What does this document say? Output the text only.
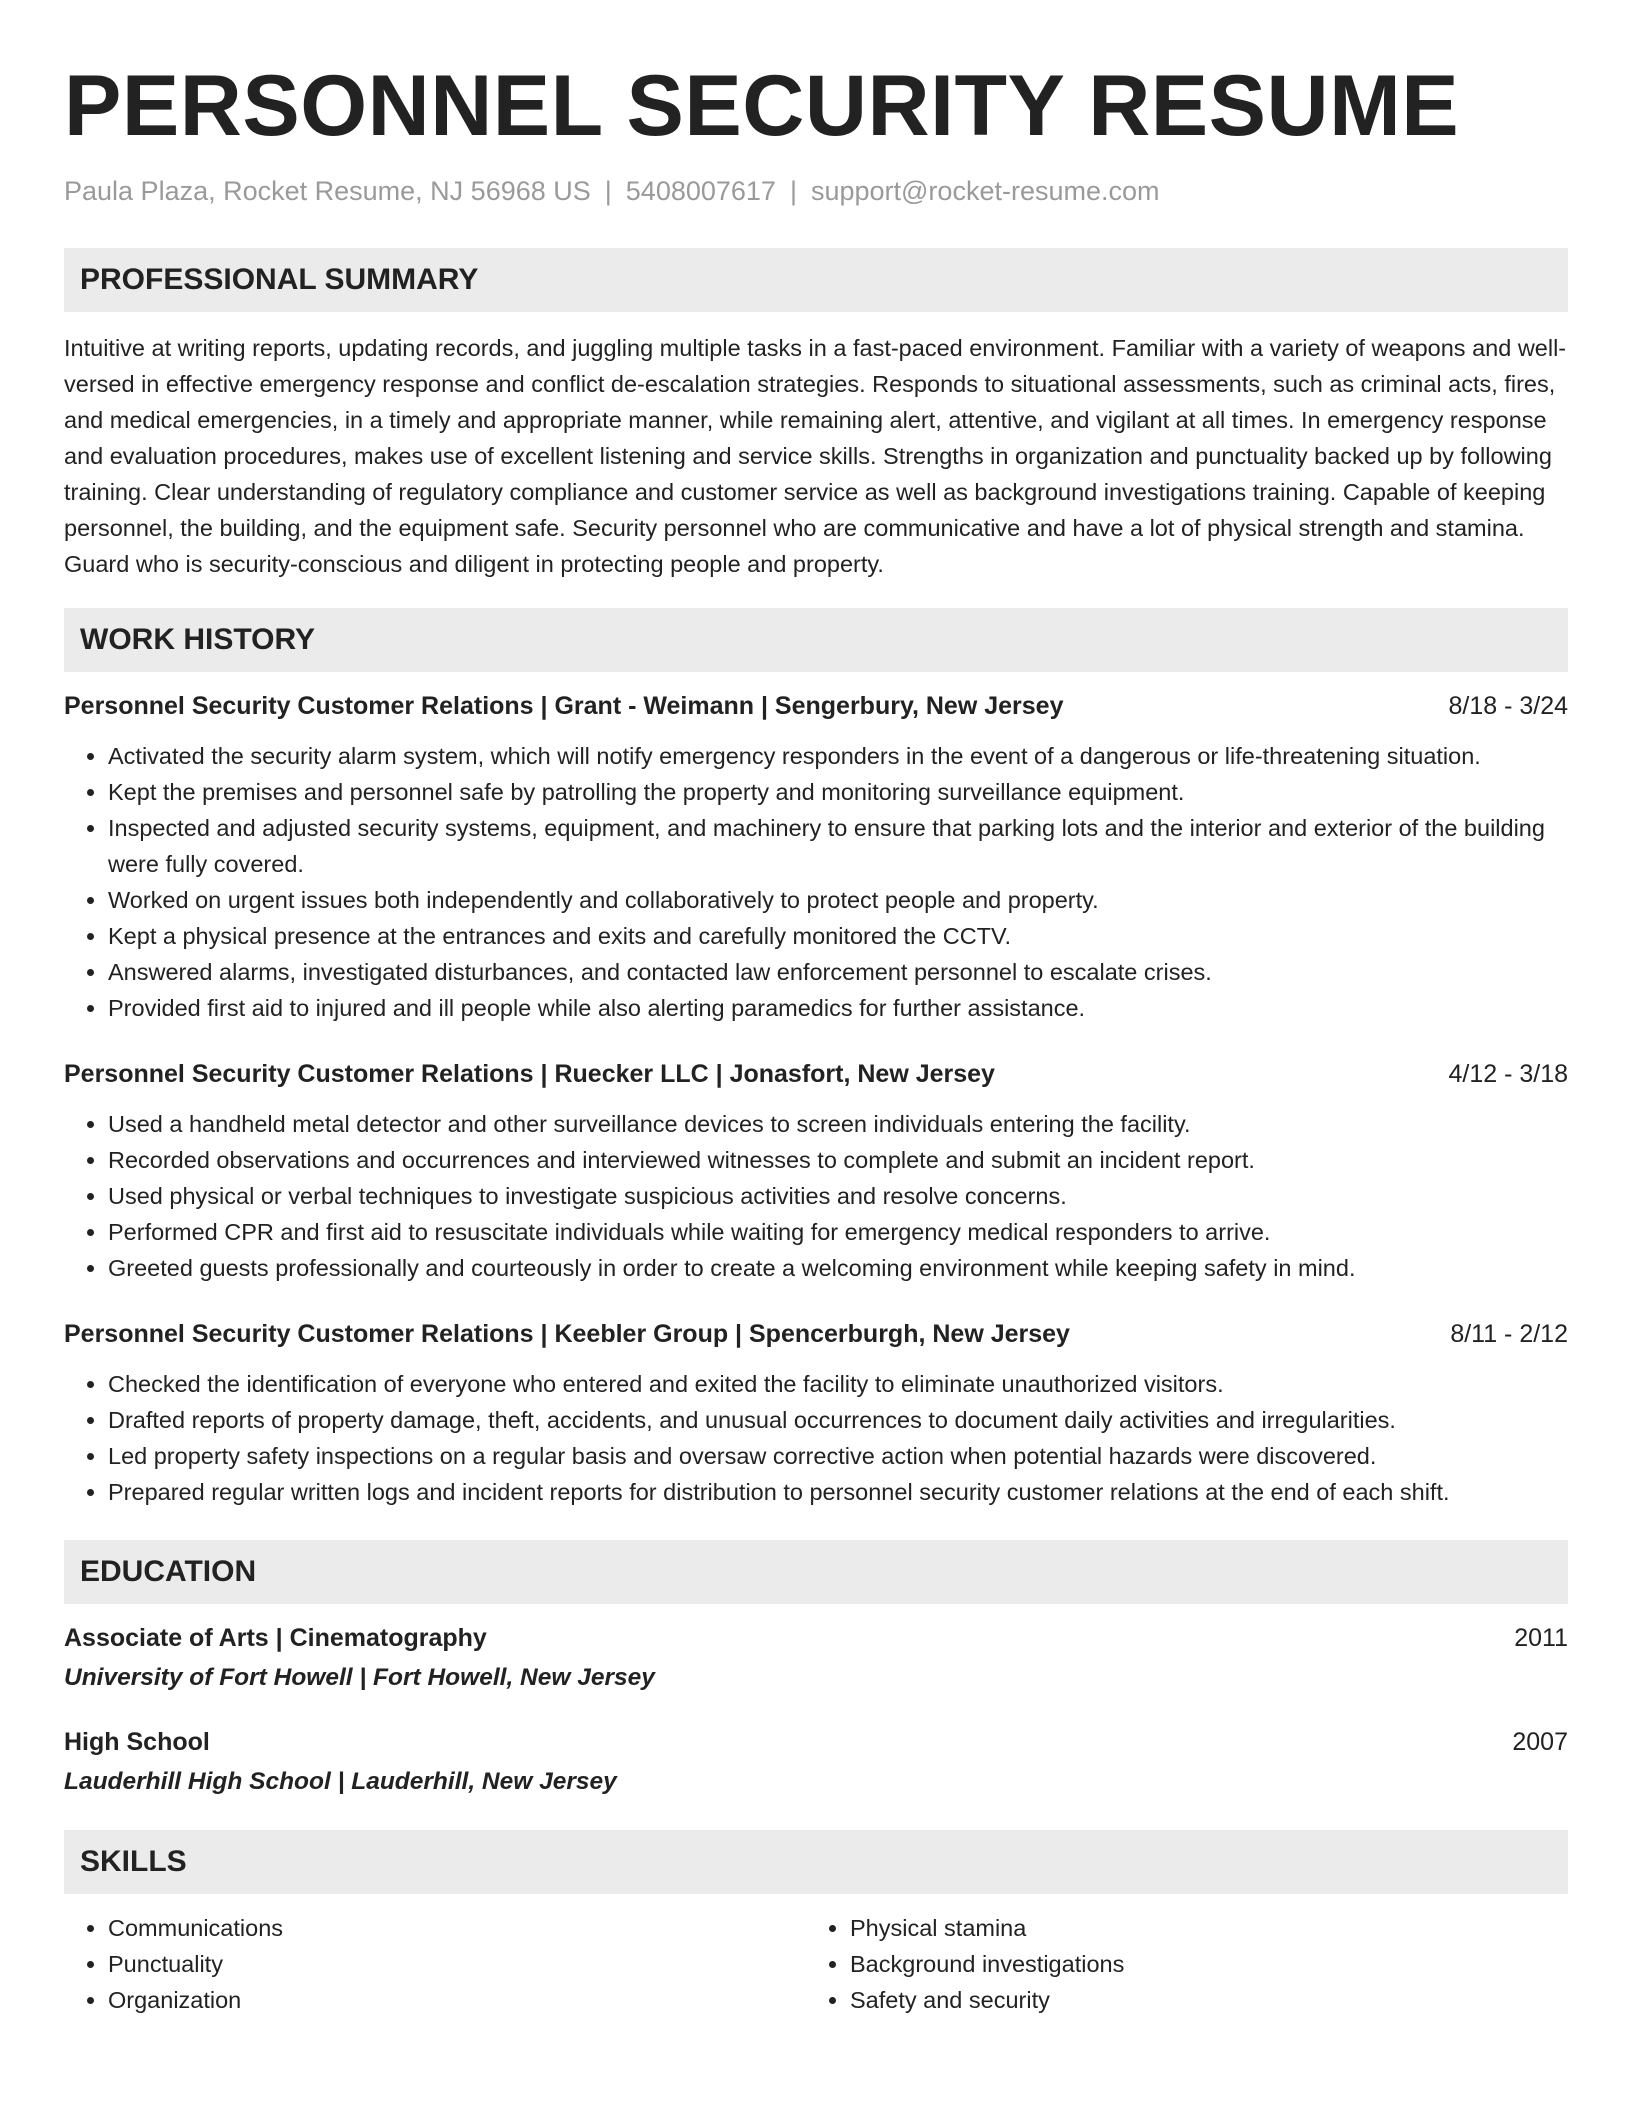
PERSONNEL SECURITY RESUME
Paula Plaza, Rocket Resume, NJ 56968 US | 5408007617 | support@rocket-resume.com
PROFESSIONAL SUMMARY

Intuitive at writing reports, updating records, and juggling multiple tasks in a fast-paced environment. Familiar with a variety of weapons and well-versed in effective emergency response and conflict de-escalation strategies. Responds to situational assessments, such as criminal acts, fires, and medical emergencies, in a timely and appropriate manner, while remaining alert, attentive, and vigilant at all times. In emergency response and evaluation procedures, makes use of excellent listening and service skills. Strengths in organization and punctuality backed up by following training. Clear understanding of regulatory compliance and customer service as well as background investigations training. Capable of keeping personnel, the building, and the equipment safe. Security personnel who are communicative and have a lot of physical strength and stamina. Guard who is security-conscious and diligent in protecting people and property.

WORK HISTORY
Personnel Security Customer Relations | Grant - Weimann | Sengerbury, New Jersey	8/18 - 3/24
• Activated the security alarm system, which will notify emergency responders in the event of a dangerous or life-threatening situation.
• Kept the premises and personnel safe by patrolling the property and monitoring surveillance equipment.
• Inspected and adjusted security systems, equipment, and machinery to ensure that parking lots and the interior and exterior of the building were fully covered.
• Worked on urgent issues both independently and collaboratively to protect people and property.
• Kept a physical presence at the entrances and exits and carefully monitored the CCTV.
• Answered alarms, investigated disturbances, and contacted law enforcement personnel to escalate crises.
• Provided first aid to injured and ill people while also alerting paramedics for further assistance.
Personnel Security Customer Relations | Ruecker LLC | Jonasfort, New Jersey	4/12 - 3/18
• Used a handheld metal detector and other surveillance devices to screen individuals entering the facility.
• Recorded observations and occurrences and interviewed witnesses to complete and submit an incident report.
• Used physical or verbal techniques to investigate suspicious activities and resolve concerns.
• Performed CPR and first aid to resuscitate individuals while waiting for emergency medical responders to arrive.
• Greeted guests professionally and courteously in order to create a welcoming environment while keeping safety in mind.
Personnel Security Customer Relations | Keebler Group | Spencerburgh, New Jersey	8/11 - 2/12
• Checked the identification of everyone who entered and exited the facility to eliminate unauthorized visitors.
• Drafted reports of property damage, theft, accidents, and unusual occurrences to document daily activities and irregularities.
• Led property safety inspections on a regular basis and oversaw corrective action when potential hazards were discovered.
• Prepared regular written logs and incident reports for distribution to personnel security customer relations at the end of each shift.
EDUCATION
Associate of Arts | Cinematography	2011
University of Fort Howell | Fort Howell, New Jersey
High School	2007
Lauderhill High School | Lauderhill, New Jersey
SKILLS
• Communications
• Punctuality
• Organization
• Physical stamina
• Background investigations
• Safety and security
